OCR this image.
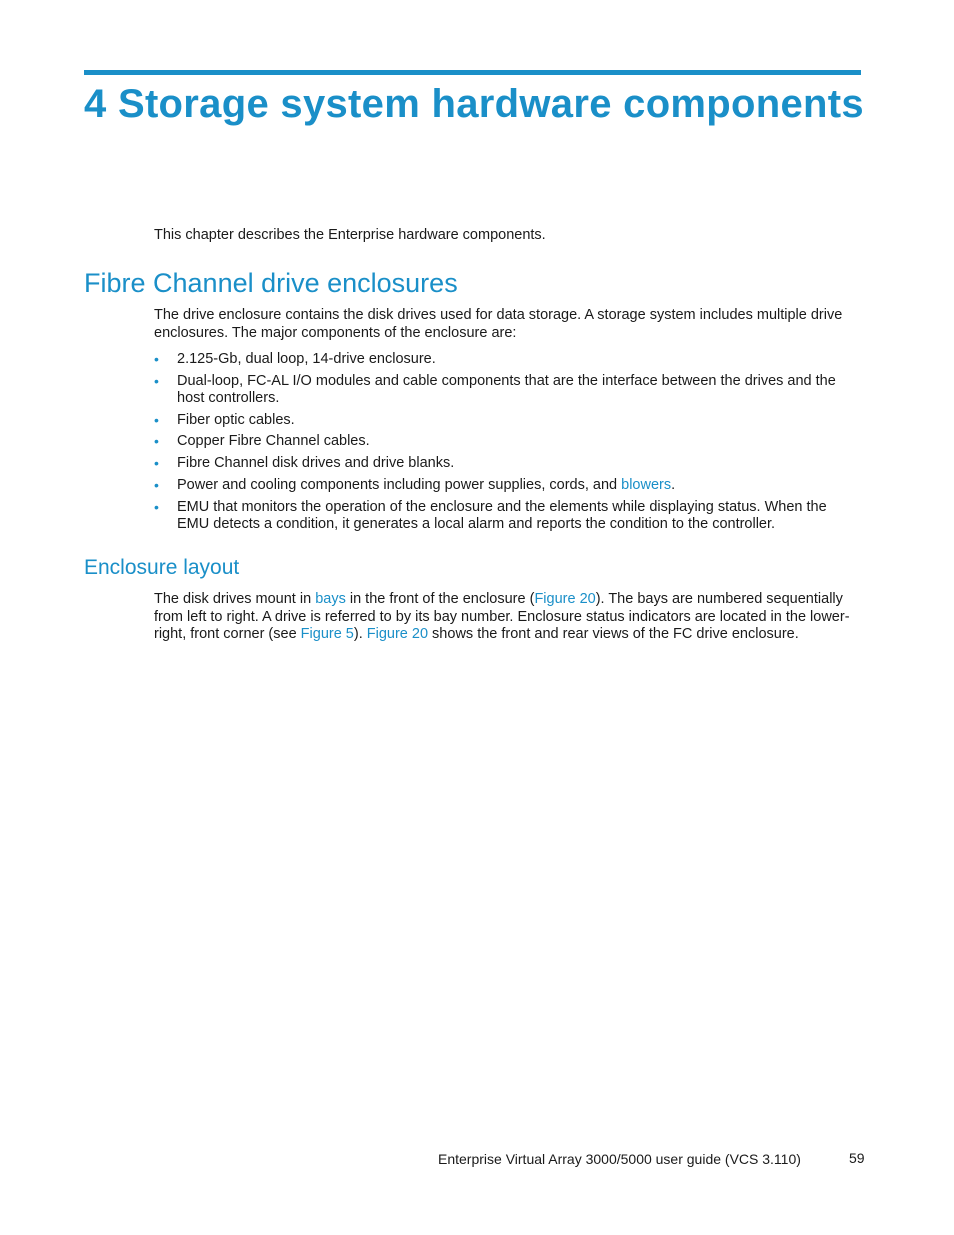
4 Storage system hardware components

This chapter describes the Enterprise hardware components.

Fibre Channel drive enclosures

The drive enclosure contains the disk drives used for data storage. A storage system includes multiple drive enclosures. The major components of the enclosure are:

• 2.125-Gb, dual loop, 14-drive enclosure.
• Dual-loop, FC-AL I/O modules and cable components that are the interface between the drives and the host controllers.
• Fiber optic cables.
• Copper Fibre Channel cables.
• Fibre Channel disk drives and drive blanks.
• Power and cooling components including power supplies, cords, and blowers.
• EMU that monitors the operation of the enclosure and the elements while displaying status. When the EMU detects a condition, it generates a local alarm and reports the condition to the controller.
Enclosure layout

The disk drives mount in bays in the front of the enclosure (Figure 20). The bays are numbered sequentially from left to right. A drive is referred to by its bay number. Enclosure status indicators are located in the lower-right, front corner (see Figure 5). Figure 20 shows the front and rear views of the FC drive enclosure.

Enterprise Virtual Array 3000/5000 user guide (VCS 3.110)	59
